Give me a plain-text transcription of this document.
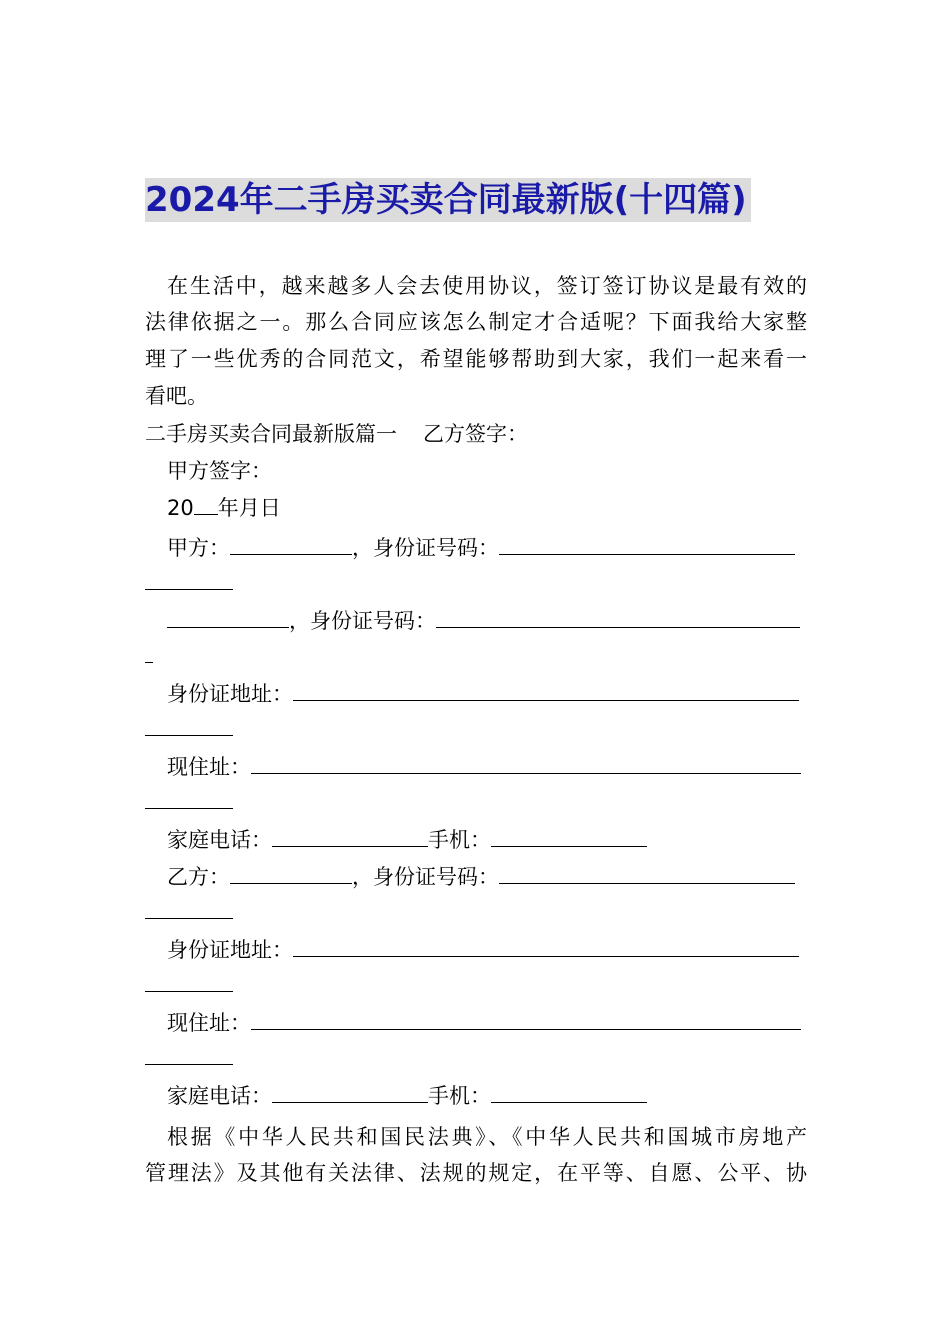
2024年二手房买卖合同最新版(十四篇)
在生活中，越来越多人会去使用协议，签订签订协议是最有效的
法律依据之一。那么合同应该怎么制定才合适呢？下面我给大家整
理了一些优秀的合同范文，希望能够帮助到大家，我们一起来看一
看吧。
二手房买卖合同最新版篇一 乙方签字：
甲方签字：
20 年月日
甲方：	，身份证号码：
，身份证号码：
身份证地址：
现住址：
家庭电话：	手机：
乙方：	，身份证号码：
身份证地址：
现住址：
家庭电话：	手机：
根据《中华人民共和国民法典》、《中华人民共和国城市房地产
管理法》及其他有关法律、法规的规定，在平等、自愿、公平、协
